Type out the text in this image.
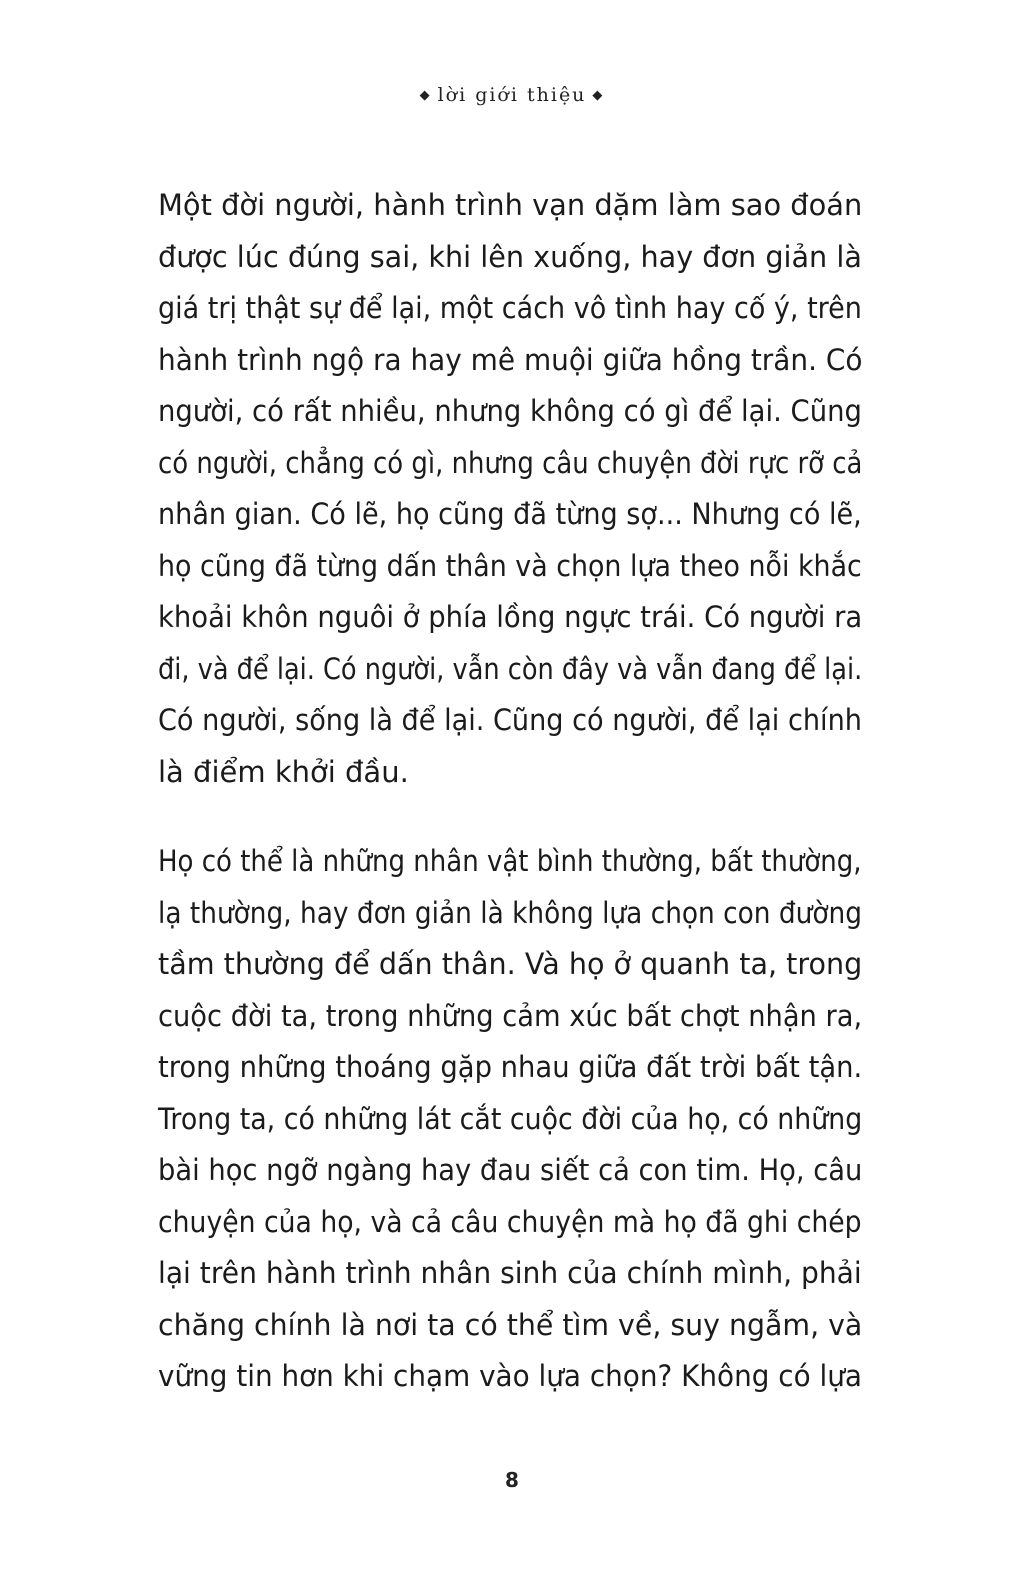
◆ lời giới thiệu ◆
Một đời người, hành trình vạn dặm làm sao đoán
được lúc đúng sai, khi lên xuống, hay đơn giản là
giá trị thật sự để lại, một cách vô tình hay cố ý, trên
hành trình ngộ ra hay mê muội giữa hồng trần. Có
người, có rất nhiều, nhưng không có gì để lại. Cũng
có người, chẳng có gì, nhưng câu chuyện đời rực rỡ cả
nhân gian. Có lẽ, họ cũng đã từng sợ... Nhưng có lẽ,
họ cũng đã từng dấn thân và chọn lựa theo nỗi khắc
khoải khôn nguôi ở phía lồng ngực trái. Có người ra
đi, và để lại. Có người, vẫn còn đây và vẫn đang để lại.
Có người, sống là để lại. Cũng có người, để lại chính
là điểm khởi đầu.
Họ có thể là những nhân vật bình thường, bất thường,
lạ thường, hay đơn giản là không lựa chọn con đường
tầm thường để dấn thân. Và họ ở quanh ta, trong
cuộc đời ta, trong những cảm xúc bất chợt nhận ra,
trong những thoáng gặp nhau giữa đất trời bất tận.
Trong ta, có những lát cắt cuộc đời của họ, có những
bài học ngỡ ngàng hay đau siết cả con tim. Họ, câu
chuyện của họ, và cả câu chuyện mà họ đã ghi chép
lại trên hành trình nhân sinh của chính mình, phải
chăng chính là nơi ta có thể tìm về, suy ngẫm, và
vững tin hơn khi chạm vào lựa chọn? Không có lựa
8
